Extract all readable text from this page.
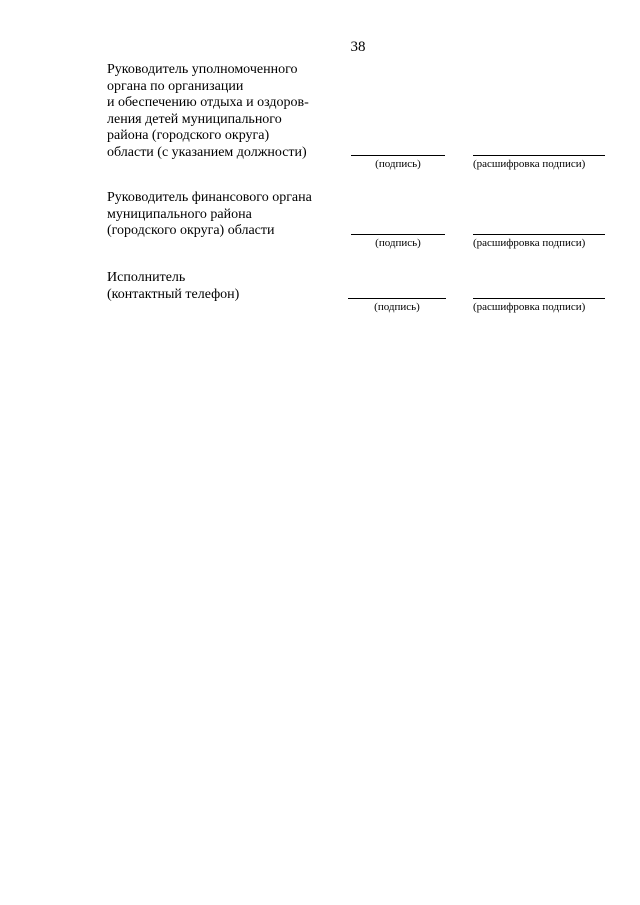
38
Руководитель уполномоченного
органа по организации
и обеспечению отдыха и оздоров-
ления детей муниципального
района (городского округа)
области (с указанием должности)
(подпись)	(расшифровка подписи)
Руководитель финансового органа
муниципального района
(городского округа) области
(подпись)	(расшифровка подписи)
Исполнитель
(контактный телефон)
(подпись)	(расшифровка подписи)
